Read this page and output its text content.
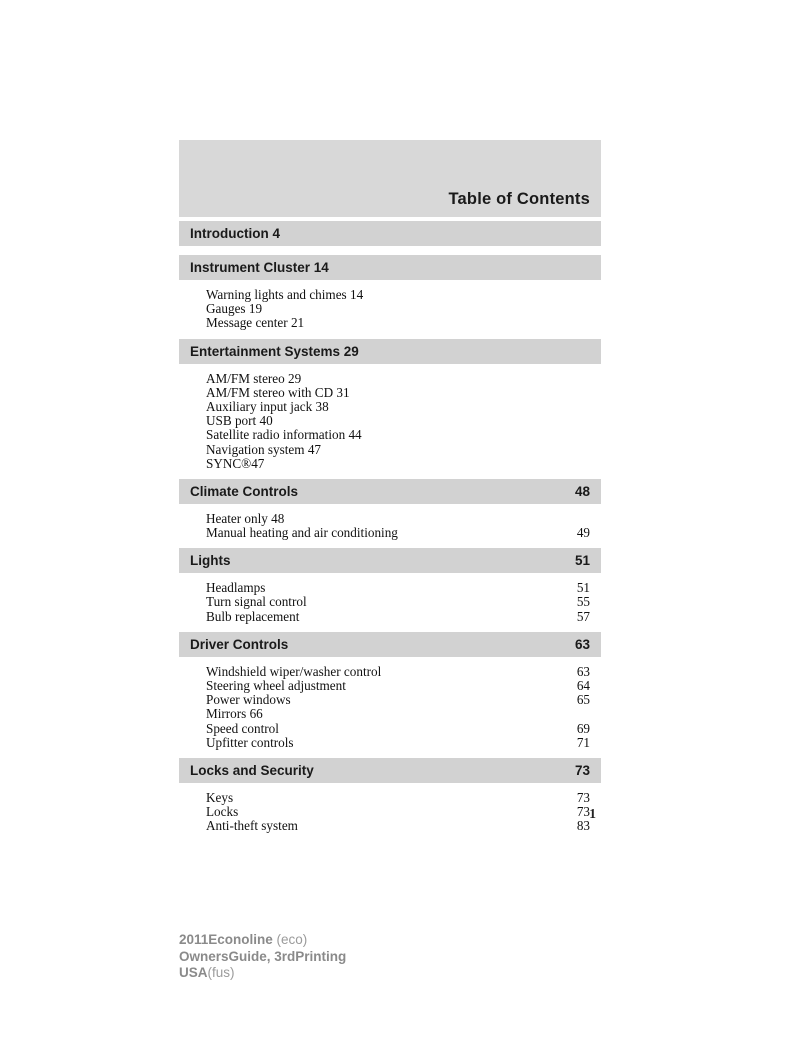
Table of Contents
Introduction 4
Instrument Cluster 14
Warning lights and chimes 14
Gauges 19
Message center 21
Entertainment Systems 29
AM/FM stereo 29
AM/FM stereo with CD 31
Auxiliary input jack 38
USB port 40
Satellite radio information 44
Navigation system 47
SYNC®47
Climate Controls	48
Heater only 48
Manual heating and air conditioning	49
Lights	51
Headlamps	51
Turn signal control	55
Bulb replacement	57
Driver Controls	63
Windshield wiper/washer control	63
Steering wheel adjustment	64
Power windows	65
Mirrors 66
Speed control	69
Upfitter controls	71
Locks and Security	73
Keys	73
Locks	73
Anti-theft system	83
1
2011Econoline (eco)
OwnersGuide, 3rdPrinting
USA(fus)
